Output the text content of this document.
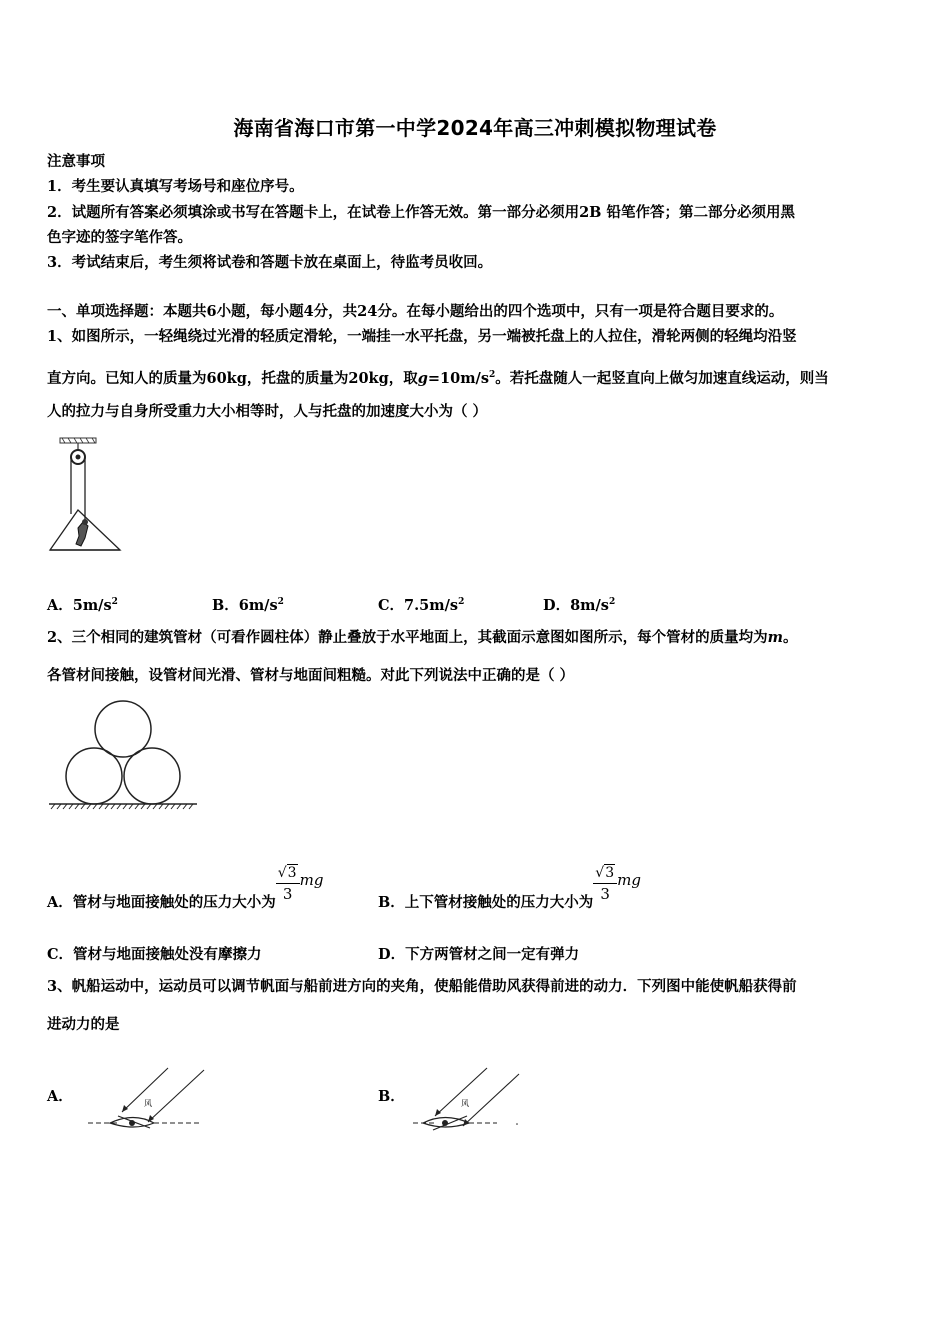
海南省海口市第一中学2024年高三冲刺模拟物理试卷
注意事项
1．考生要认真填写考场号和座位序号。
2．试题所有答案必须填涂或书写在答题卡上，在试卷上作答无效。第一部分必须用2B 铅笔作答；第二部分必须用黑
色字迹的签字笔作答。
3．考试结束后，考生须将试卷和答题卡放在桌面上，待监考员收回。
一、单项选择题：本题共6小题，每小题4分，共24分。在每小题给出的四个选项中，只有一项是符合题目要求的。
1、如图所示，一轻绳绕过光滑的轻质定滑轮，一端挂一水平托盘，另一端被托盘上的人拉住，滑轮两侧的轻绳均沿竖
直方向。已知人的质量为60kg，托盘的质量为20kg，取$g=10m/s^2$。若托盘随人一起竖直向上做匀加速直线运动，则当
人的拉力与自身所受重力大小相等时，人与托盘的加速度大小为（ ）
A．$5m/s^2$	B．$6m/s^2$	C．$7.5m/s^2$	D．$8m/s^2$
2、三个相同的建筑管材（可看作圆柱体）静止叠放于水平地面上，其截面示意图如图所示，每个管材的质量均为m。
各管材间接触，设管材间光滑、管材与地面间粗糙。对此下列说法中正确的是（ ）
A．管材与地面接触处的压力大小为 $\frac{√3}{3}$ mg
B．上下管材接触处的压力大小为 $\frac{√3}{3}$ mg
C．管材与地面接触处没有摩擦力	D．下方两管材之间一定有弹力
3、帆船运动中，运动员可以调节帆面与船前进方向的夹角，使船能借助风获得前进的动力．下列图中能使帆船获得前
进动力的是
A．	风	B．	风
